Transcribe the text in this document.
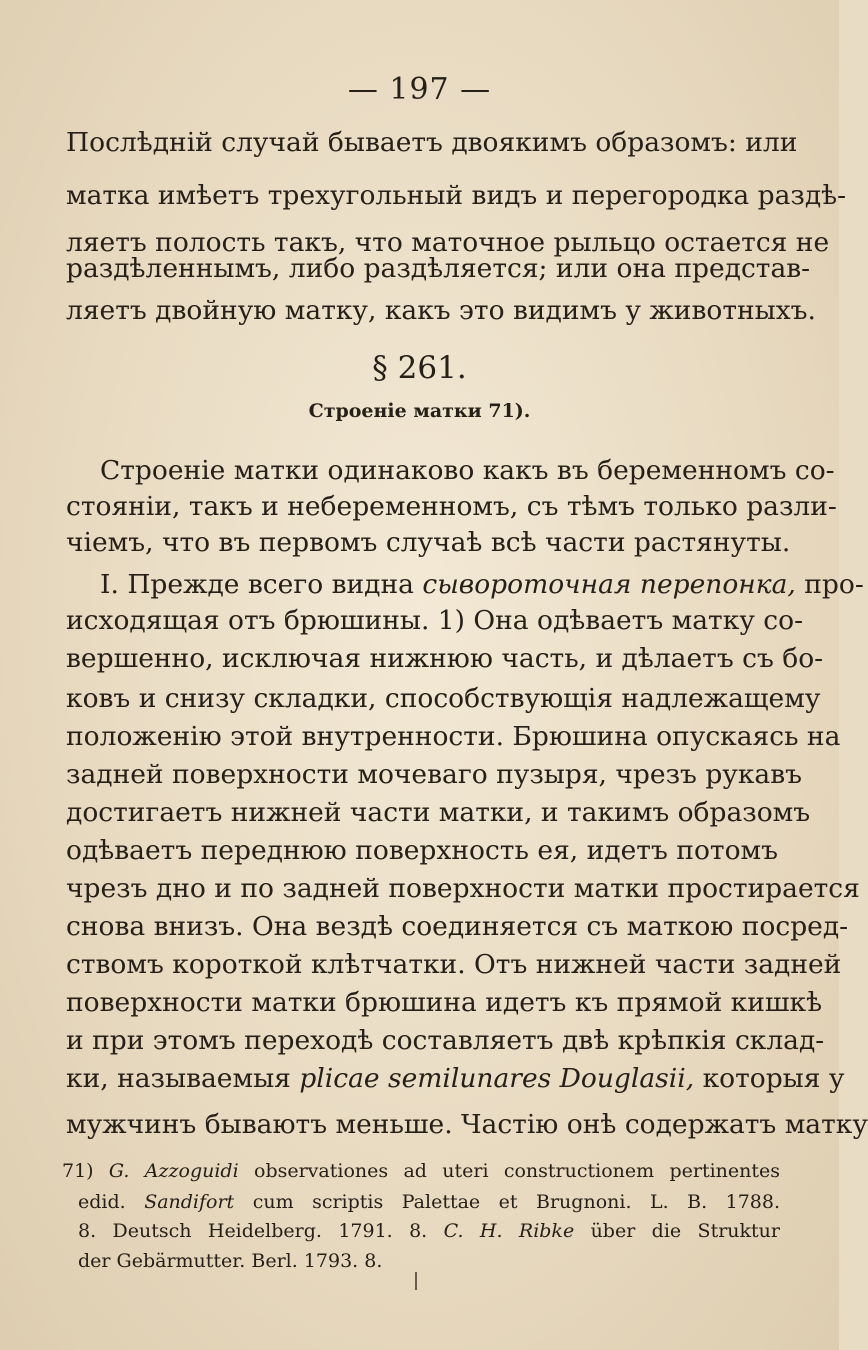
— 197 —
Послѣдній случай бываетъ двоякимъ образомъ: или
матка имѣетъ трехугольный видъ и перегородка раздѣ-
ляетъ полость такъ, что маточное рыльцо остается не
раздѣленнымъ, либо раздѣляется; или она представ-
ляетъ двойную матку, какъ это видимъ у животныхъ.
§ 261.
Строеніе матки 71).
Строеніе матки одинаково какъ въ беременномъ со-
стояніи, такъ и небеременномъ, съ тѣмъ только разли-
чіемъ, что въ первомъ случаѣ всѣ части растянуты.
I. Прежде всего видна сывороточная перепонка, про-
исходящая отъ брюшины. 1) Она одѣваетъ матку со-
вершенно, исключая нижнюю часть, и дѣлаетъ съ бо-
ковъ и снизу складки, способствующія надлежащему
положенію этой внутренности. Брюшина опускаясь на
задней поверхности мочеваго пузыря, чрезъ рукавъ
достигаетъ нижней части матки, и такимъ образомъ
одѣваетъ переднюю поверхность ея, идетъ потомъ
чрезъ дно и по задней поверхности матки простирается
снова внизъ. Она вездѣ соединяется съ маткою посред-
ствомъ короткой клѣтчатки. Отъ нижней части задней
поверхности матки брюшина идетъ къ прямой кишкѣ
и при этомъ переходѣ составляетъ двѣ крѣпкія склад-
ки, называемыя plicae semilunares Douglasii, которыя у
мужчинъ бываютъ меньше. Частію онѣ содержатъ матку
71) G. Azzoguidi observationes ad uteri constructionem pertinentes
edid. Sandifort cum scriptis Palettae et Brugnoni. L. B. 1788.
8. Deutsch Heidelberg. 1791. 8. C. H. Ribke über die Struktur
der Gebärmutter. Berl. 1793. 8.
